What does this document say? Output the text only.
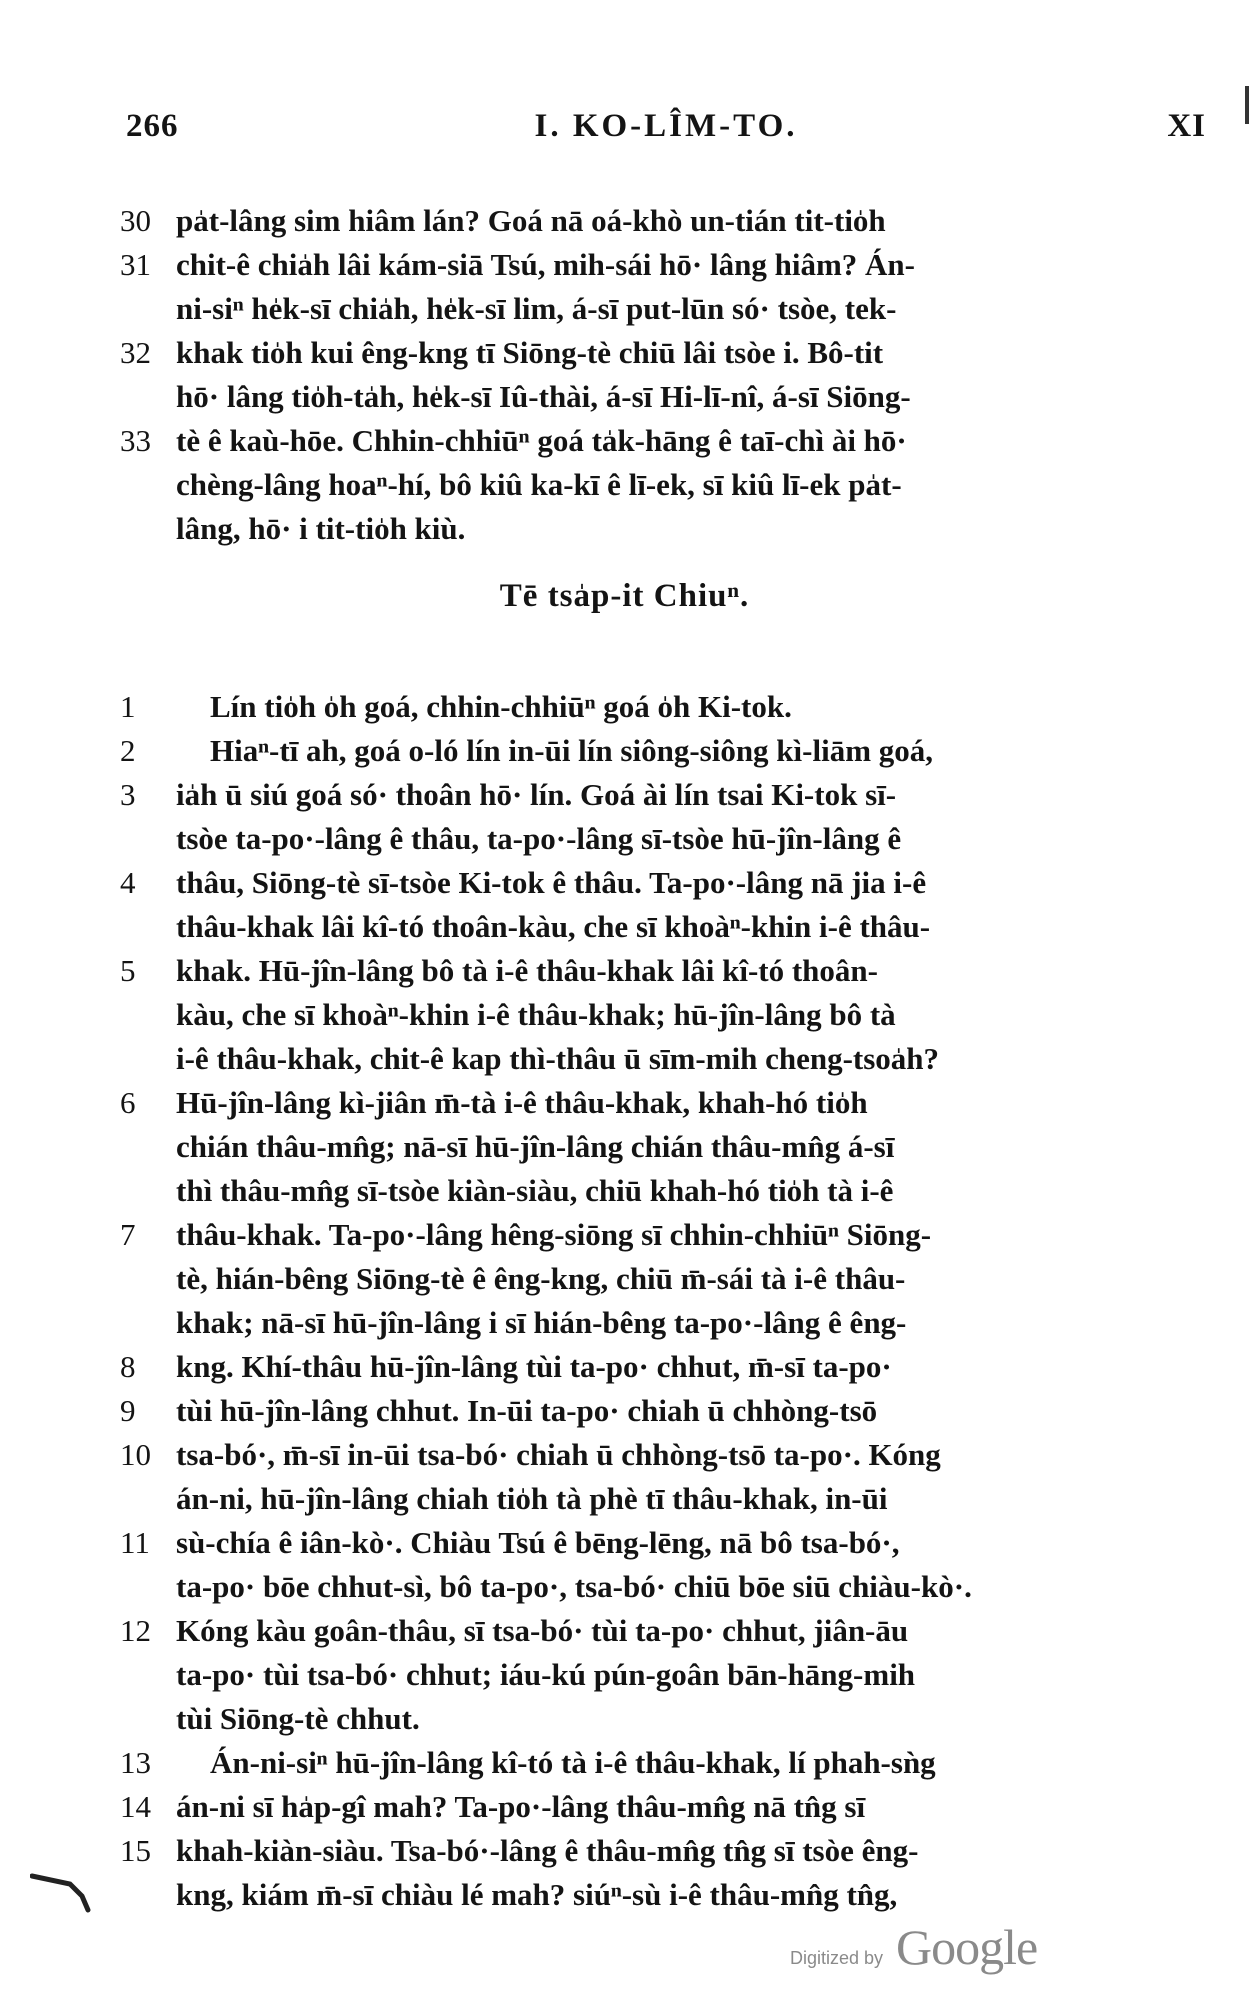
266	I. KO-LÎM-TO.	XI
30 pa̍t-lâng sim hiâm lán? Goá nā oá-khò un-tián tit-tio̍h
31 chit-ê chia̍h lâi kám-siā Tsú, mih-sái hō· lâng hiâm? Án-
ni-siⁿ he̍k-sī chia̍h, he̍k-sī lim, á-sī put-lūn só· tsòe, tek-
32 khak tio̍h kui êng-kng tī Siōng-tè chiū lâi tsòe i. Bô-tit
hō· lâng tio̍h-ta̍h, he̍k-sī Iû-thài, á-sī Hi-lī-nî, á-sī Siōng-
33 tè ê kaù-hōe. Chhin-chhiūⁿ goá ta̍k-hāng ê taī-chì ài hō·
chèng-lâng hoaⁿ-hí, bô kiû ka-kī ê lī-ek, sī kiû lī-ek pa̍t-
lâng, hō· i tit-tio̍h kiù.
1	Lín tio̍h o̍h goá, chhin-chhiūⁿ goá o̍h Ki-tok.
2	Hiaⁿ-tī ah, goá o-ló lín in-ūi lín siông-siông kì-liām goá,
3	ia̍h ū siú goá só· thoân hō· lín. Goá ài lín tsai Ki-tok sī-
tsòe ta-po·-lâng ê thâu, ta-po·-lâng sī-tsòe hū-jîn-lâng ê
4	thâu, Siōng-tè sī-tsòe Ki-tok ê thâu. Ta-po·-lâng nā jia i-ê
thâu-khak lâi kî-tó thoân-kàu, che sī khoàⁿ-khin i-ê thâu-
5	khak. Hū-jîn-lâng bô tà i-ê thâu-khak lâi kî-tó thoân-
kàu, che sī khoàⁿ-khin i-ê thâu-khak; hū-jîn-lâng bô tà
i-ê thâu-khak, chit-ê kap thì-thâu ū sīm-mih cheng-tsoa̍h?
6	Hū-jîn-lâng kì-jiân m̄-tà i-ê thâu-khak, khah-hó tio̍h
chián thâu-mn̂g; nā-sī hū-jîn-lâng chián thâu-mn̂g á-sī
thì thâu-mn̂g sī-tsòe kiàn-siàu, chiū khah-hó tio̍h tà i-ê
7	thâu-khak. Ta-po·-lâng hêng-siōng sī chhin-chhiūⁿ Siōng-
tè, hián-bêng Siōng-tè ê êng-kng, chiū m̄-sái tà i-ê thâu-
khak; nā-sī hū-jîn-lâng i sī hián-bêng ta-po·-lâng ê êng-
8	kng. Khí-thâu hū-jîn-lâng tùi ta-po· chhut, m̄-sī ta-po·
9	tùi hū-jîn-lâng chhut. In-ūi ta-po· chiah ū chhòng-tsō
10 tsa-bó·, m̄-sī in-ūi tsa-bó· chiah ū chhòng-tsō ta-po·. Kóng
án-ni, hū-jîn-lâng chiah tio̍h tà phè tī thâu-khak, in-ūi
11 sù-chía ê iân-kò·. Chiàu Tsú ê bēng-lēng, nā bô tsa-bó·,
ta-po· bōe chhut-sì, bô ta-po·, tsa-bó· chiū bōe siū chiàu-kò·.
12 Kóng kàu goân-thâu, sī tsa-bó· tùi ta-po· chhut, jiân-āu
ta-po· tùi tsa-bó· chhut; iáu-kú pún-goân bān-hāng-mih
tùi Siōng-tè chhut.
13	Án-ni-siⁿ hū-jîn-lâng kî-tó tà i-ê thâu-khak, lí phah-sǹg
14 án-ni sī ha̍p-gî mah? Ta-po·-lâng thâu-mn̂g nā tn̂g sī
15 khah-kiàn-siàu. Tsa-bó·-lâng ê thâu-mn̂g tn̂g sī tsòe êng-
kng, kiám m̄-sī chiàu lé mah? siúⁿ-sù i-ê thâu-mn̂g tn̂g,
Tē tsa̍p-it Chiuⁿ.
Digitized by Google
